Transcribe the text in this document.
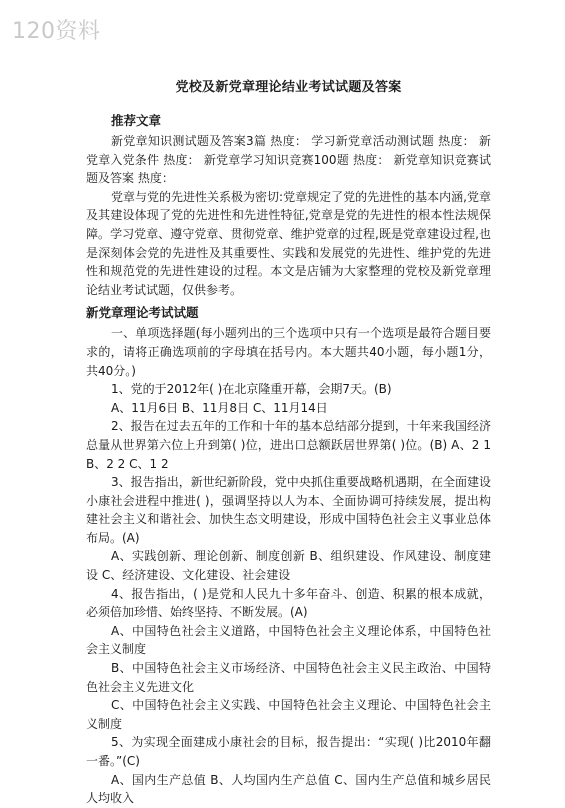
120资料
党校及新党章理论结业考试试题及答案
推荐文章

新党章知识测试题及答案3篇 热度： 学习新党章活动测试题 热度： 新党章入党条件 热度： 新党章学习知识竞赛100题 热度： 新党章知识竞赛试题及答案 热度：

党章与党的先进性关系极为密切:党章规定了党的先进性的基本内涵,党章及其建设体现了党的先进性和先进性特征,党章是党的先进性的根本性法规保障。学习党章、遵守党章、贯彻党章、维护党章的过程,既是党章建设过程,也是深刻体会党的先进性及其重要性、实践和发展党的先进性、维护党的先进性和规范党的先进性建设的过程。本文是店铺为大家整理的党校及新党章理论结业考试试题，仅供参考。

新党章理论考试试题

一、单项选择题(每小题列出的三个选项中只有一个选项是最符合题目要求的，请将正确选项前的字母填在括号内。本大题共40小题，每小题1分，共40分。)

1、党的于2012年( )在北京隆重开幕，会期7天。(B)

A、11月6日 B、11月8日 C、11月14日

2、报告在过去五年的工作和十年的基本总结部分提到，十年来我国经济总量从世界第六位上升到第( )位，进出口总额跃居世界第( )位。(B) A、2 1 B、2 2 C、1 2

3、报告指出，新世纪新阶段，党中央抓住重要战略机遇期，在全面建设小康社会进程中推进( )，强调坚持以人为本、全面协调可持续发展，提出构建社会主义和谐社会、加快生态文明建设，形成中国特色社会主义事业总体布局。(A)

A、实践创新、理论创新、制度创新 B、组织建设、作风建设、制度建设 C、经济建设、文化建设、社会建设

4、报告指出，( )是党和人民九十多年奋斗、创造、积累的根本成就，必须倍加珍惜、始终坚持、不断发展。(A)

A、中国特色社会主义道路，中国特色社会主义理论体系，中国特色社会主义制度

B、中国特色社会主义市场经济、中国特色社会主义民主政治、中国特色社会主义先进文化

C、中国特色社会主义实践、中国特色社会主义理论、中国特色社会主义制度

5、为实现全面建成小康社会的目标，报告提出：“实现( )比2010年翻一番。”(C)

A、国内生产总值 B、人均国内生产总值 C、国内生产总值和城乡居民人均收入
